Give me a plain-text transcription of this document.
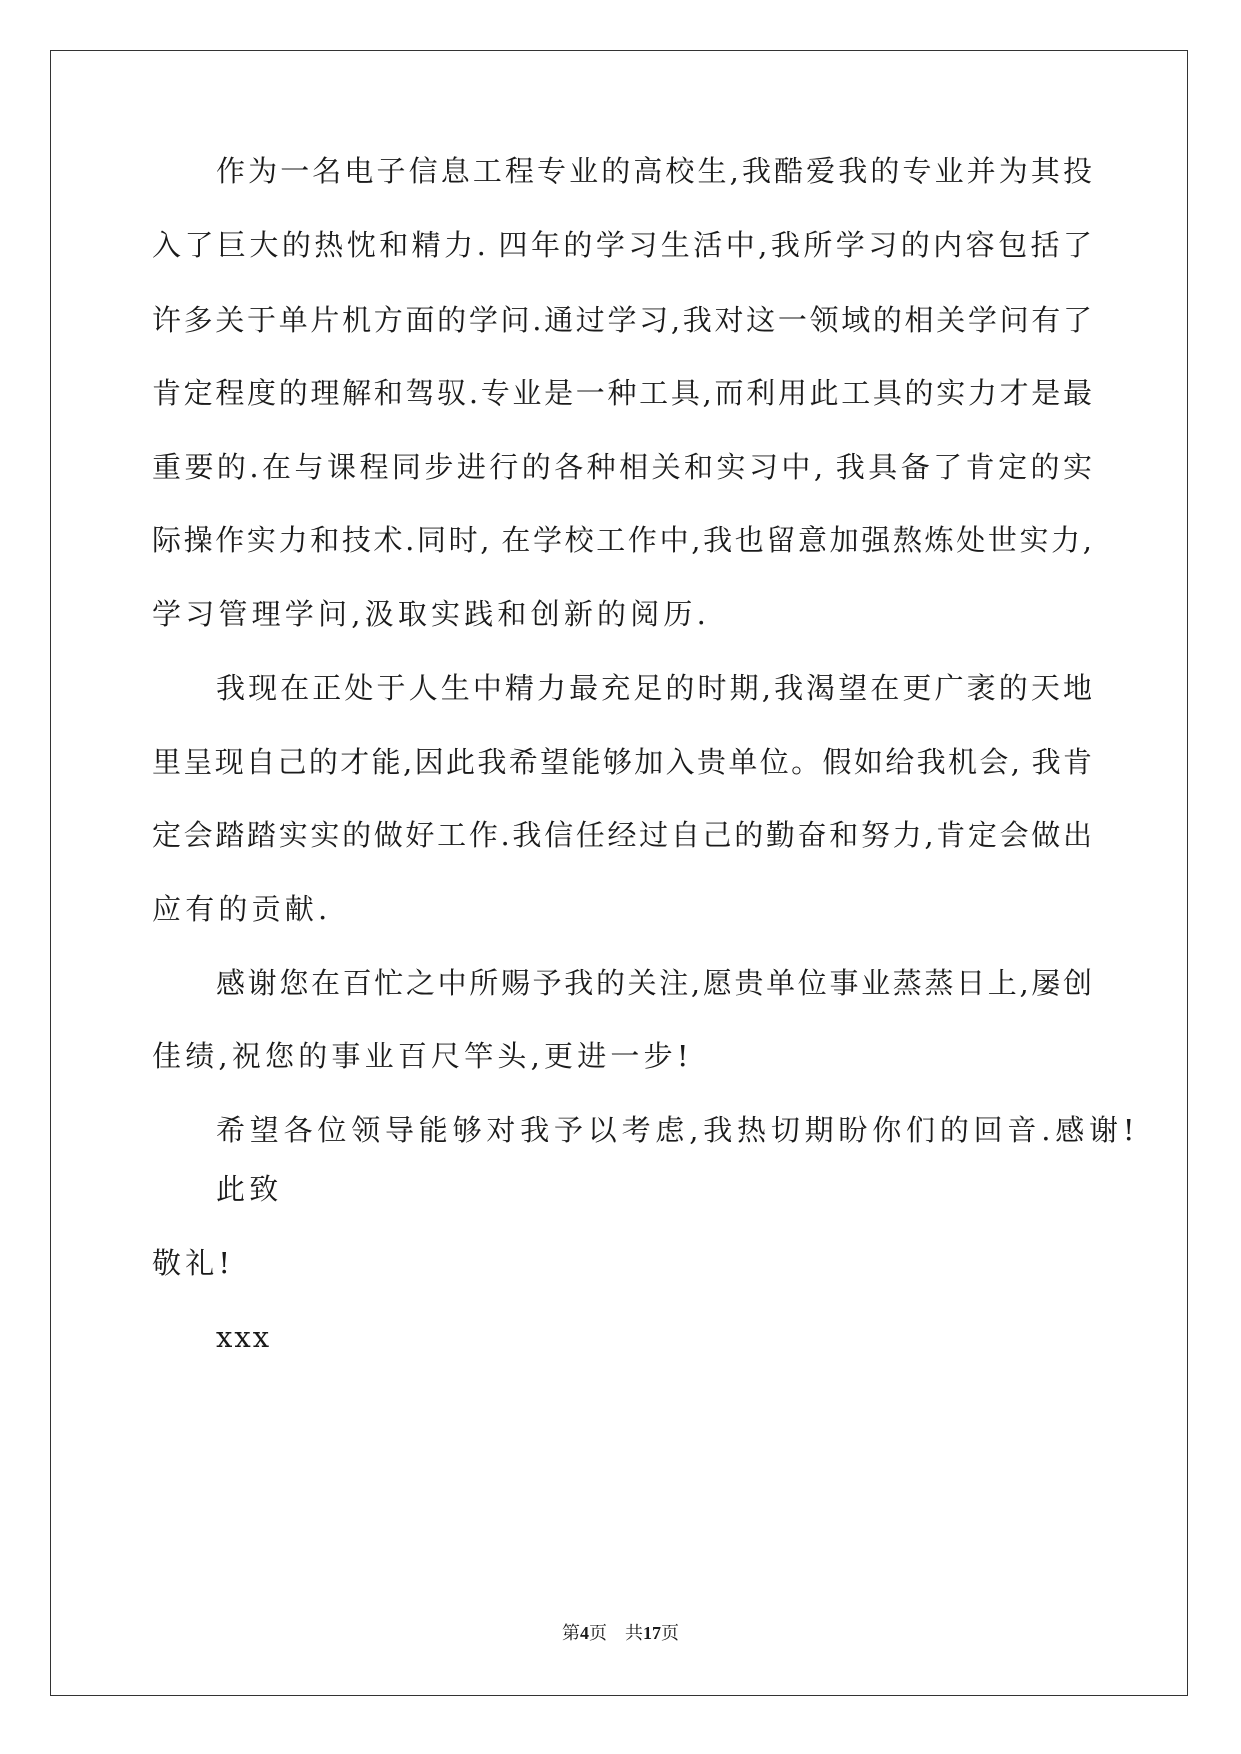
作为一名电子信息工程专业的高校生,我酷爱我的专业并为其投
入了巨大的热忱和精力. 四年的学习生活中,我所学习的内容包括了
许多关于单片机方面的学问.通过学习,我对这一领域的相关学问有了
肯定程度的理解和驾驭.专业是一种工具,而利用此工具的实力才是最
重要的.在与课程同步进行的各种相关和实习中, 我具备了肯定的实
际操作实力和技术.同时, 在学校工作中,我也留意加强熬炼处世实力,
学习管理学问,汲取实践和创新的阅历.
我现在正处于人生中精力最充足的时期,我渴望在更广袤的天地
里呈现自己的才能,因此我希望能够加入贵单位。假如给我机会, 我肯
定会踏踏实实的做好工作.我信任经过自己的勤奋和努力,肯定会做出
应有的贡献.
感谢您在百忙之中所赐予我的关注,愿贵单位事业蒸蒸日上,屡创
佳绩,祝您的事业百尺竿头,更进一步!
希望各位领导能够对我予以考虑,我热切期盼你们的回音.感谢!
此致
敬礼!
xxx
第4页 共17页
